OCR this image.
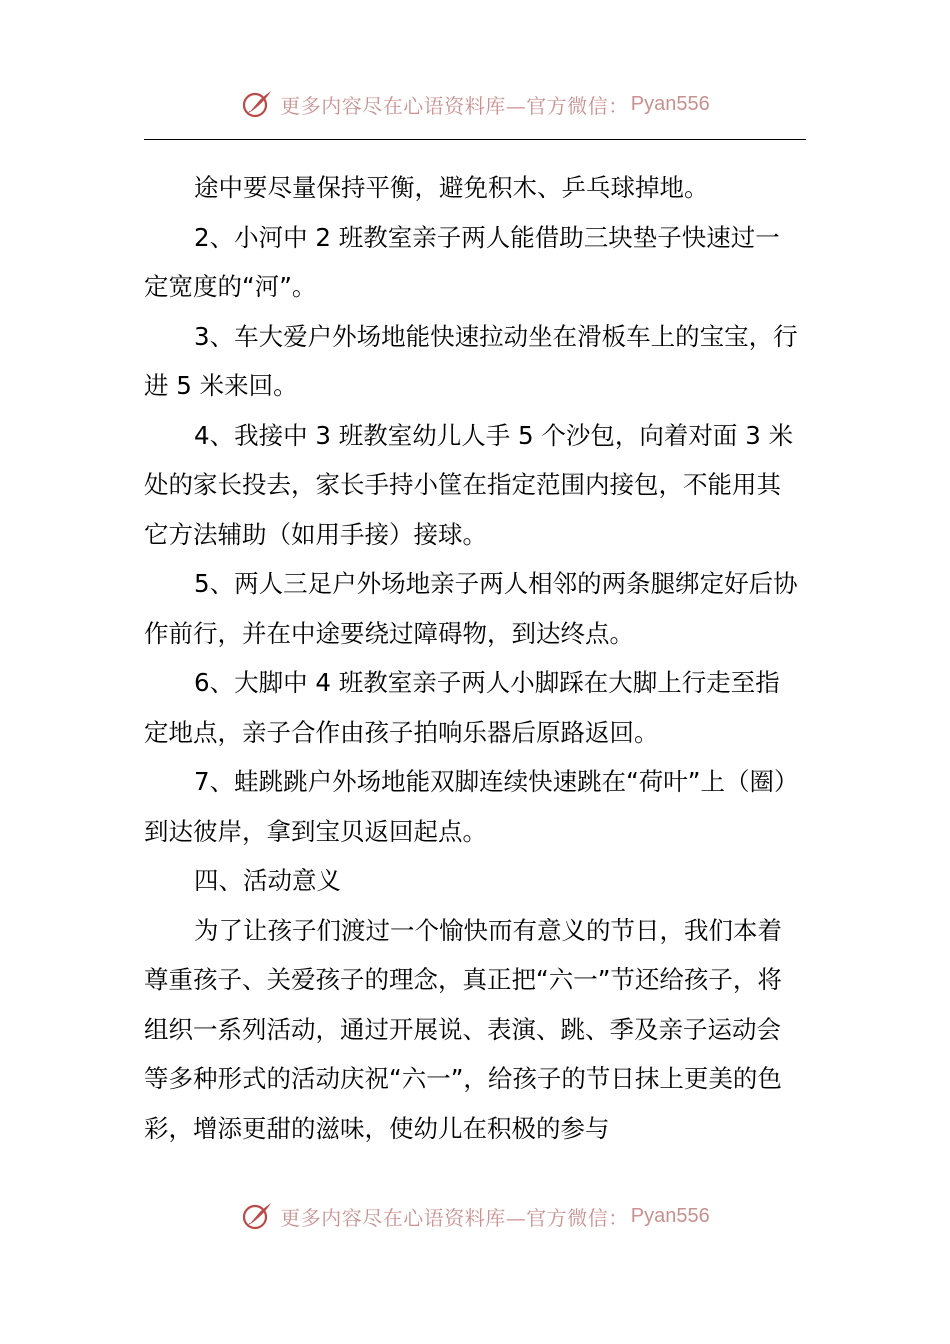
更多内容尽在心语资料库—官方微信： Pyan556

途中要尽量保持平衡，避免积木、乒乓球掉地。

2、小河中 2 班教室亲子两人能借助三块垫子快速过一定宽度的“河”。

3、车大爱户外场地能快速拉动坐在滑板车上的宝宝，行进 5 米来回。

4、我接中 3 班教室幼儿人手 5 个沙包，向着对面 3 米处的家长投去，家长手持小筐在指定范围内接包，不能用其它方法辅助（如用手接）接球。

5、两人三足户外场地亲子两人相邻的两条腿绑定好后协作前行，并在中途要绕过障碍物，到达终点。

6、大脚中 4 班教室亲子两人小脚踩在大脚上行走至指定地点，亲子合作由孩子拍响乐器后原路返回。

7、蛙跳跳户外场地能双脚连续快速跳在“荷叶”上（圈）到达彼岸，拿到宝贝返回起点。

四、活动意义

为了让孩子们渡过一个愉快而有意义的节日，我们本着尊重孩子、关爱孩子的理念，真正把“六一”节还给孩子，将组织一系列活动，通过开展说、表演、跳、季及亲子运动会等多种形式的活动庆祝“六一”，给孩子的节日抹上更美的色彩，增添更甜的滋味，使幼儿在积极的参与

更多内容尽在心语资料库—官方微信： Pyan556
